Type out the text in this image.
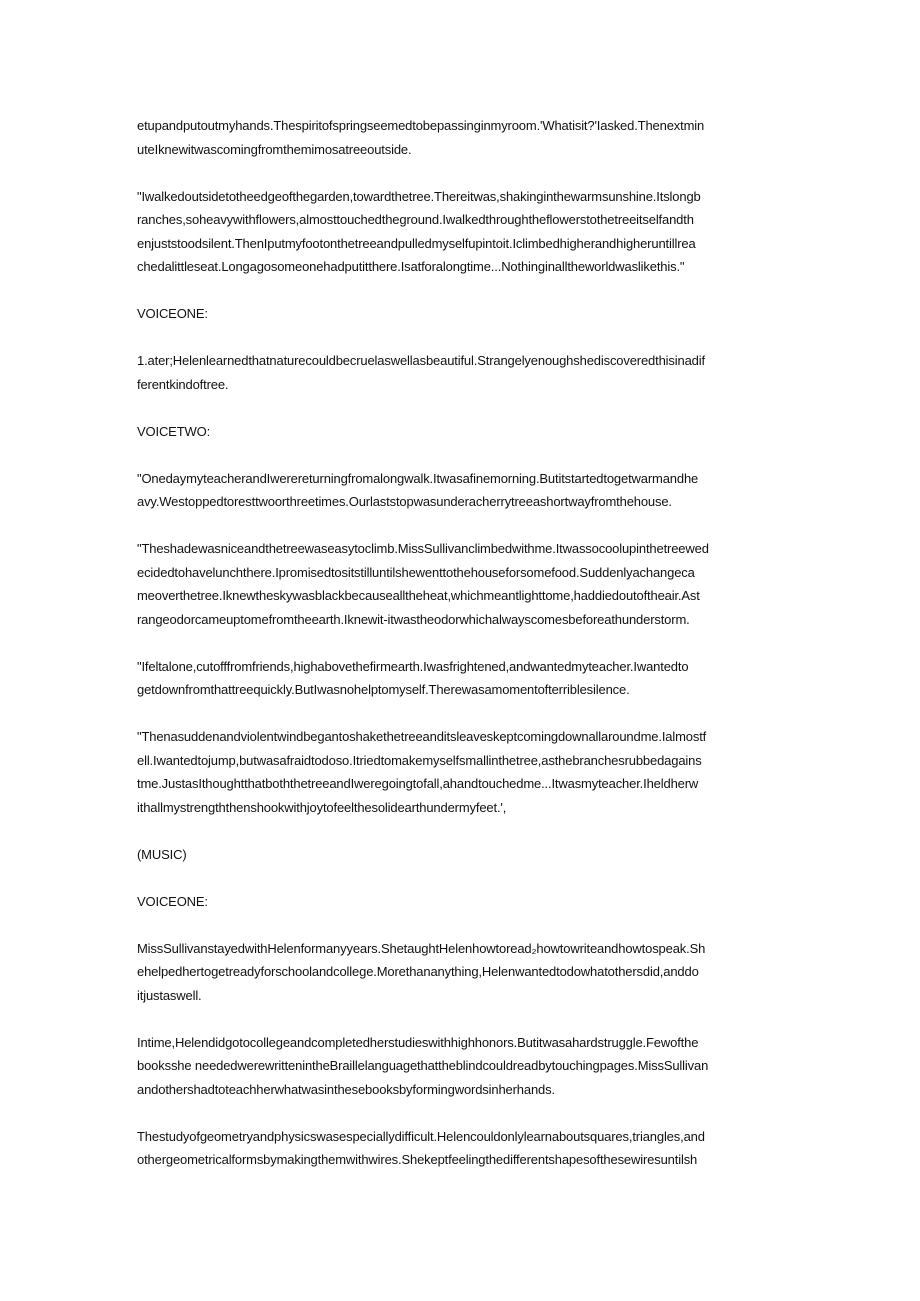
etupandputoutmyhands.Thespiritofspringseemedtobepassinginmyroom.'Whatisit?'Iasked.Thenextmin
uteIknewitwascomingfromthemimosatreeoutside.
"Iwalkedoutsidetotheedgeofthegarden,towardthetree.Thereitwas,shakinginthewarmsunshine.Itslongb
ranches,soheavywithflowers,almosttouchedtheground.Iwalkedthroughtheflowerstothetreeitselfandth
enjuststoodsilent.ThenIputmyfootonthetreeandpulledmyselfupintoit.Iclimbedhigherandhigheruntillrea
chedalittleseat.Longagosomeonehadputitthere.Isatforalongtime...Nothinginalltheworldwaslikethis."
VOICEONE:
1.ater;Helenlearnedthatnaturecouldbecruelaswellasbeautiful.Strangelyenoughshediscoveredthisinadif
ferentkindoftree.
VOICETWO:
"OnedaymyteacherandIwerereturningfromalongwalk.Itwasafinemorning.Butitstartedtogetwarmandhe
avy.Westoppedtoresttwoorthreetimes.Ourlaststopwasunderacherrytreeashortwayfromthehouse.
"Theshadewasniceandthetreewaseasytoclimb.MissSullivanclimbedwithme.Itwassocoolupinthetreewed
ecidedtohavelunchthere.Ipromisedtositstilluntilshewenttothehouseforsomefood.Suddenlyachangeca
meoverthetree.Iknewtheskywasblackbecausealltheheat,whichmeantlighttome,haddiedoutoftheair.Ast
rangeodorcameuptomefromtheearth.Iknewit-itwastheodorwhichalwayscomesbeforeathunderstorm.
"Ifeltalone,cutofffromfriends,highabovethefirmearth.Iwasfrightened,andwantedmyteacher.Iwantedto
getdownfromthattreequickly.ButIwasnohelptomyself.Therewasamomentofterriblesilence.
"Thenasuddenandviolentwindbegantoshakethetreeanditsleaveskeptcomingdownallaroundme.Ialmostf
ell.Iwantedtojump,butwasafraidtodoso.Itriedtomakemyselfsmallinthetree,asthebranchesrubbedagains
tme.JustasIthoughtthatboththetreeandIweregoingtofall,ahandtouchedme...Itwasmyteacher.Iheldherw
ithallmystrengththenshookwithjoytofeelthesolidearthundermyfeet.',
(MUSIC)
VOICEONE:
MissSullivanstayedwithHelenformanyyears.ShetaughtHelenhowtoread₂howtowriteandhowtospeak.Sh
ehelpedhertogetreadyforschoolandcollege.Morethananything,Helenwantedtodowhatothersdid,anddo
itjustaswell.
Intime,Helendidgotocollegeandcompletedherstudieswithhighhonors.Butitwasahardstruggle.Fewofthe
booksshe neededwerewrittenintheBraillelanguagethattheblindcouldreadbytouchingpages.MissSullivan
andothershadtoteachherwhatwasinthesebooksbyformingwordsinherhands.
Thestudyofgeometryandphysicswasespeciallydifficult.Helencouldonlylearnaboutsquares,triangles,and
othergeometricalformsbymakingthemwithwires.Shekeptfeelingthedifferentshapesofthesewiresuntilsh
